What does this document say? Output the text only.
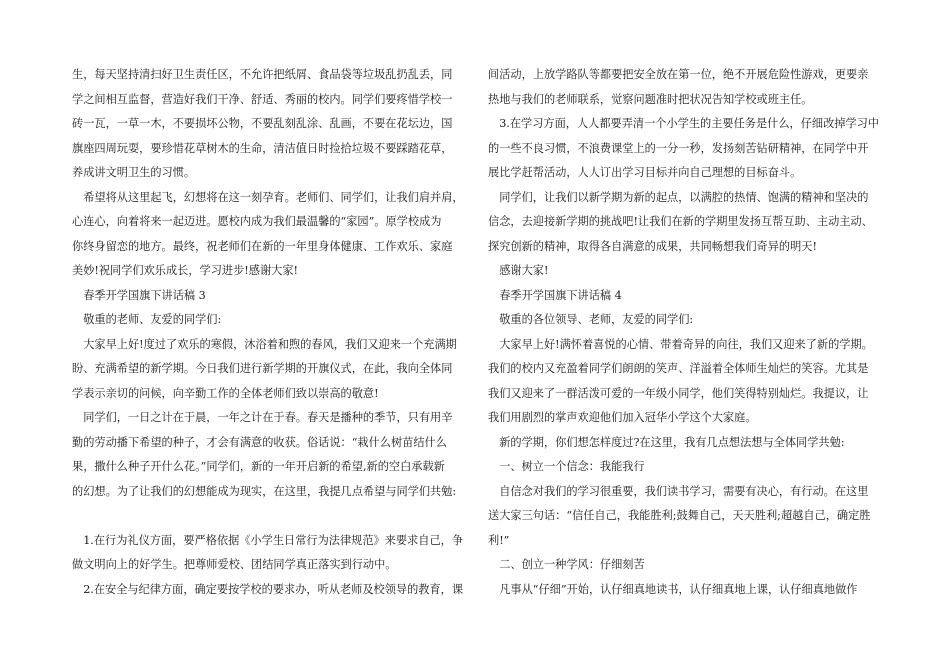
生，每天坚持清扫好卫生责任区，不允许把纸屑、食品袋等垃圾乱扔乱丢，同
学之间相互监督，营造好我们干净、舒适、秀丽的校内。同学们要疼惜学校一
砖一瓦，一草一木，不要损坏公物，不要乱刻乱涂、乱画，不要在花坛边，国
旗座四周玩耍，要珍惜花草树木的生命，清洁值日时捡拾垃圾不要踩踏花草，
养成讲文明卫生的习惯。
　希望将从这里起飞，幻想将在这一刻孕育。老师们、同学们，让我们肩并肩，
心连心，向着将来一起迈进。愿校内成为我们最温馨的“家园”。原学校成为
你终身留恋的地方。最终，祝老师们在新的一年里身体健康、工作欢乐、家庭
美妙!祝同学们欢乐成长，学习进步!感谢大家!
　春季开学国旗下讲话稿 3
　敬重的老师、友爱的同学们:
　大家早上好!度过了欢乐的寒假，沐浴着和煦的春风，我们又迎来一个充满期
盼、充满希望的新学期。今日我们进行新学期的开旗仪式，在此，我向全体同
学表示亲切的问候，向辛勤工作的全体老师们致以崇高的敬意!
　同学们，一日之计在于晨，一年之计在于春。春天是播种的季节，只有用辛
勤的劳动播下希望的种子，才会有满意的收获。俗话说：“栽什么树苗结什么
果，撒什么种子开什么花。”同学们，新的一年开启新的希望,新的空白承载新
的幻想。为了让我们的幻想能成为现实，在这里，我提几点希望与同学们共勉:
　1.在行为礼仪方面，要严格依据《小学生日常行为法律规范》来要求自己，争
做文明向上的好学生。把尊师爱校、团结同学真正落实到行动中。
　2.在安全与纪律方面，确定要按学校的要求办，听从老师及校领导的教育，课
间活动，上放学路队等都要把安全放在第一位，绝不开展危险性游戏，更要亲
热地与我们的老师联系，觉察问题准时把状况告知学校或班主任。
　3.在学习方面，人人都要弄清一个小学生的主要任务是什么，仔细改掉学习中
的一些不良习惯，不浪费课堂上的一分一秒，发扬刻苦钻研精神，在同学中开
展比学赶帮活动，人人订出学习目标并向自己理想的目标奋斗。
　同学们，让我们以新学期为新的起点，以满腔的热情、饱满的精神和坚决的
信念，去迎接新学期的挑战吧!让我们在新的学期里发扬互帮互助、主动主动、
探究创新的精神，取得各自满意的成果，共同畅想我们奇异的明天!
　感谢大家!
　春季开学国旗下讲话稿 4
　敬重的各位领导、老师，友爱的同学们:
　大家早上好!满怀着喜悦的心情、带着奇异的向往，我们又迎来了新的学期。
我们的校内又充盈着同学们朗朗的笑声、洋溢着全体师生灿烂的笑容。尤其是
我们又迎来了一群活泼可爱的一年级小同学，他们笑得特别灿烂。我提议，让
我们用剧烈的掌声欢迎他们加入冠华小学这个大家庭。
　新的学期，你们想怎样度过?在这里，我有几点想法想与全体同学共勉:
　一、树立一个信念：我能我行
　自信念对我们的学习很重要，我们读书学习，需要有决心，有行动。在这里
送大家三句话：“信任自己，我能胜利;鼓舞自己，天天胜利;超越自己，确定胜
利!”
　二、创立一种学风：仔细刻苦
　凡事从“仔细”开始，认仔细真地读书，认仔细真地上课，认仔细真地做作
